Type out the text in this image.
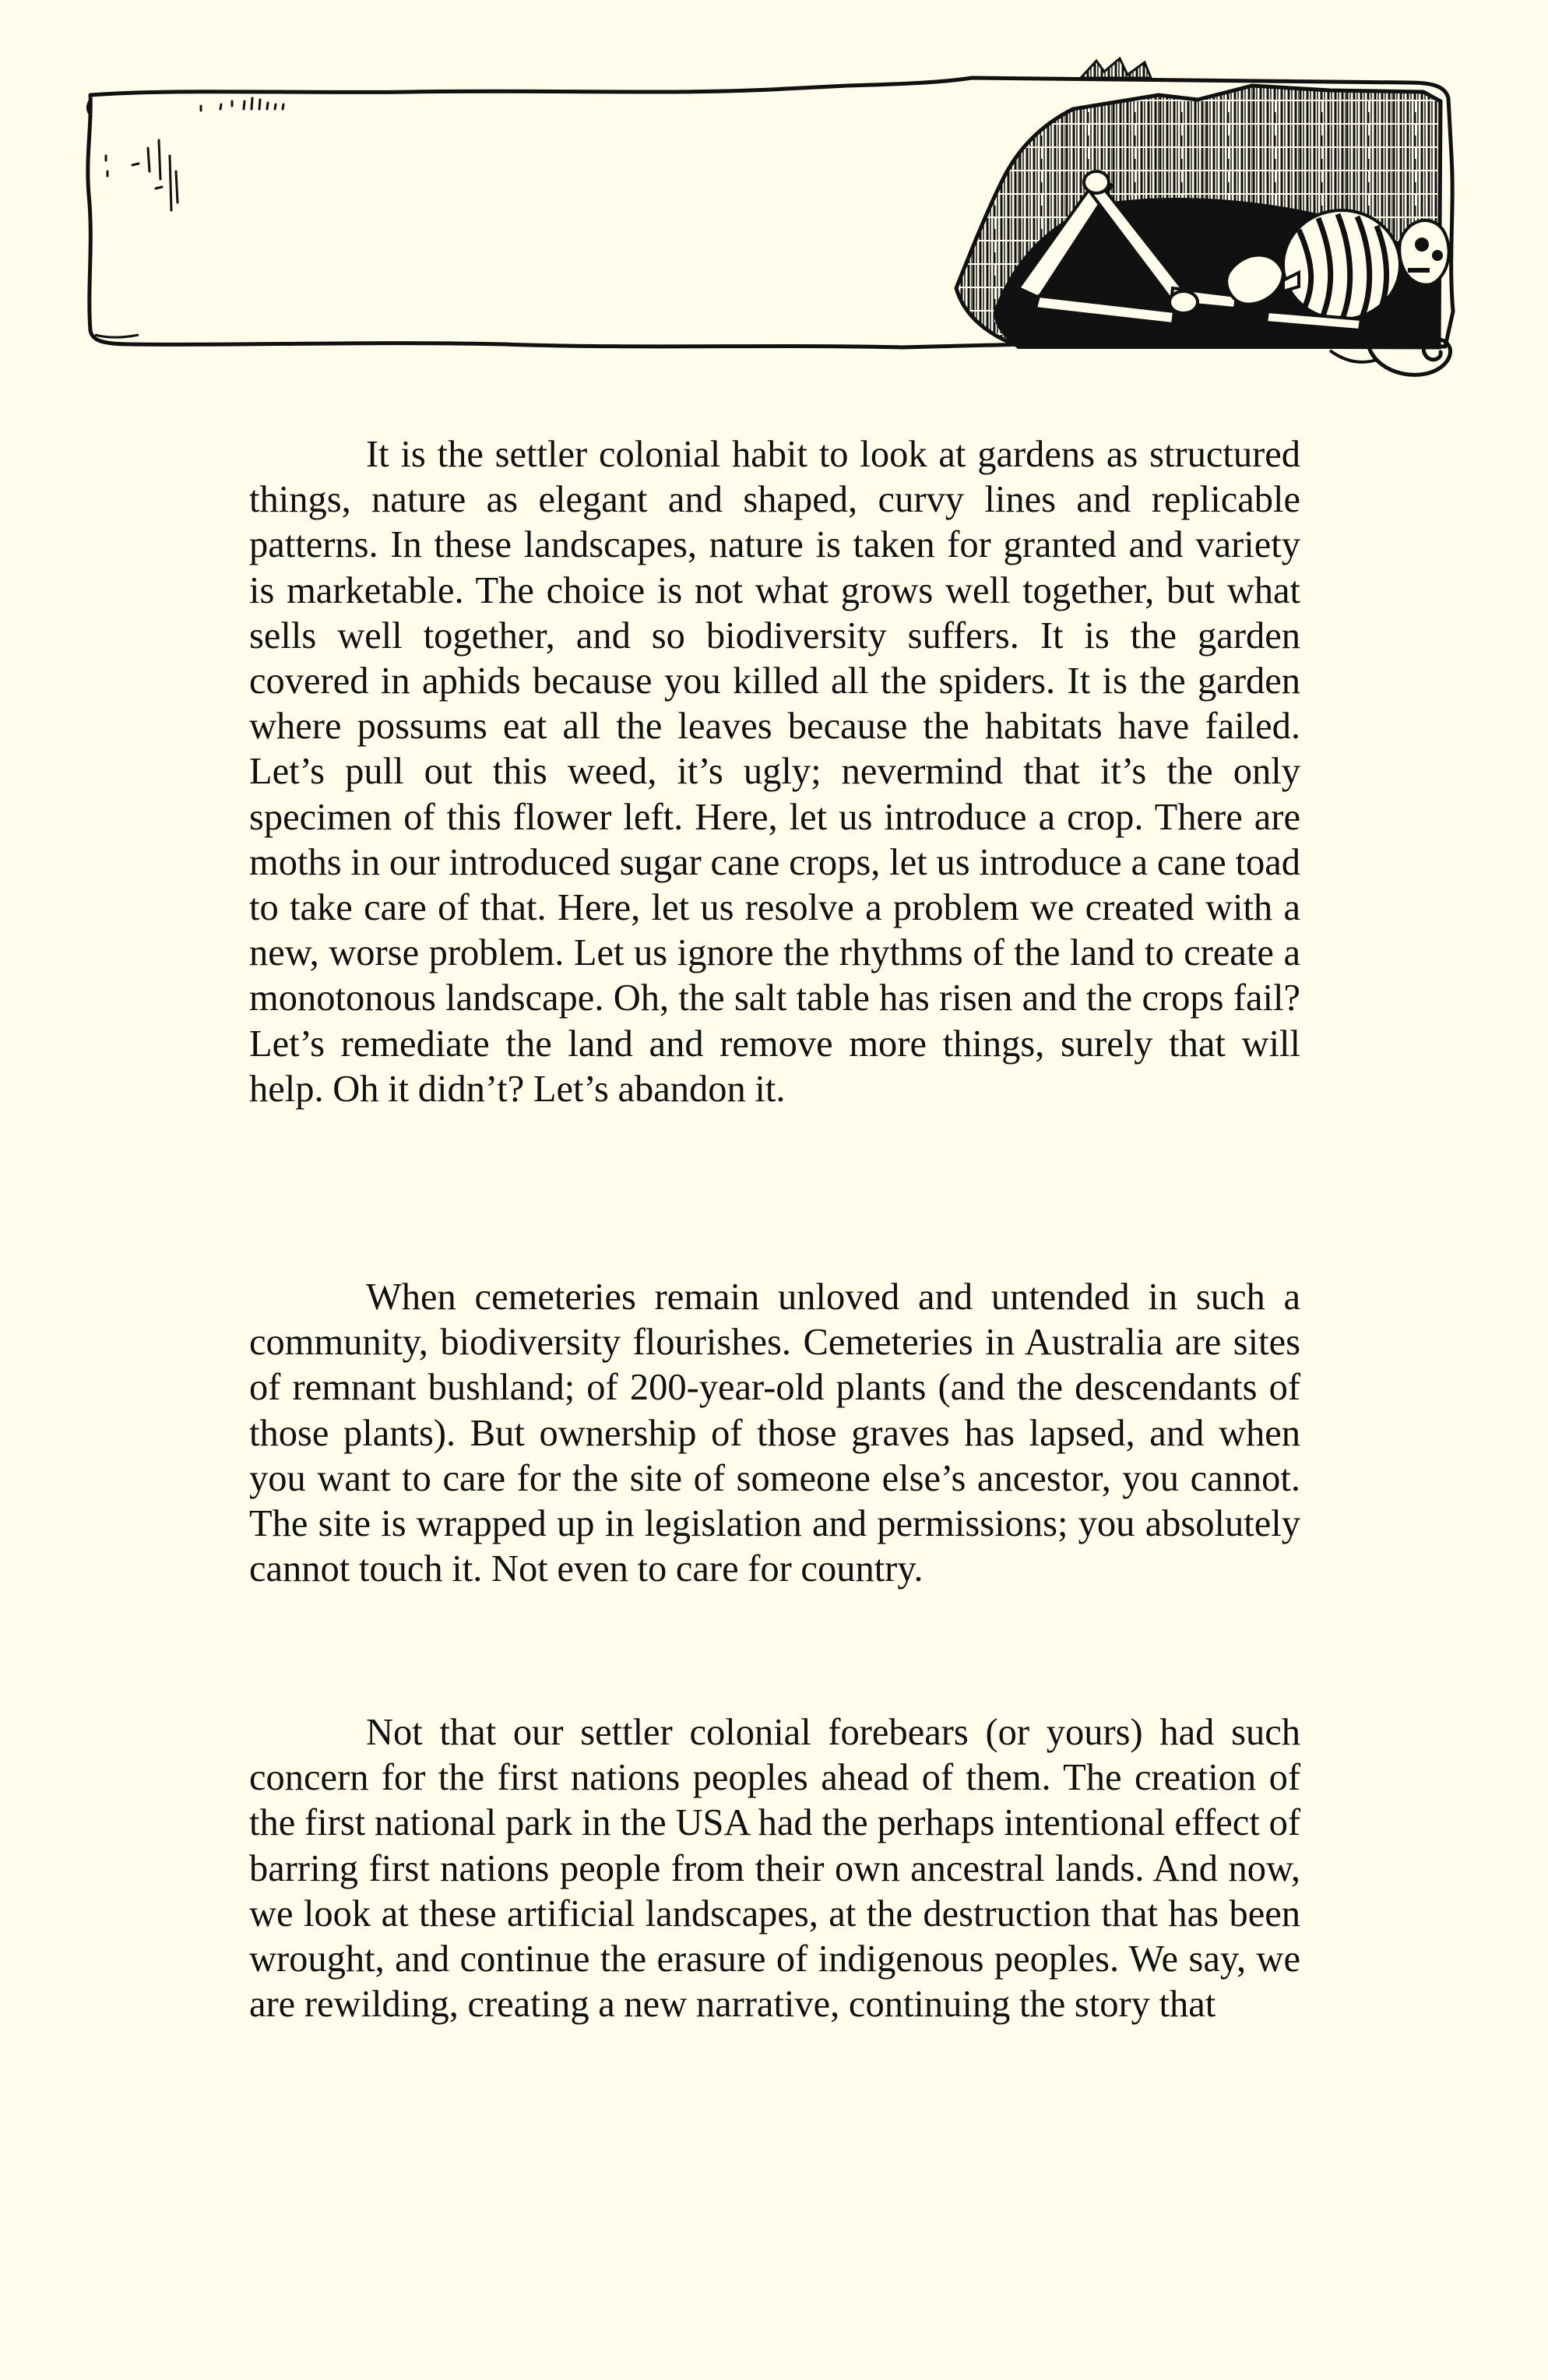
It is the settler colonial habit to look at gardens as structured things, nature as elegant and shaped, curvy lines and replicable patterns. In these landscapes, nature is taken for granted and variety is marketable. The choice is not what grows well together, but what sells well together, and so biodiversity suffers. It is the garden covered in aphids because you killed all the spiders. It is the garden where possums eat all the leaves because the habitats have failed. Let’s pull out this weed, it’s ugly; nevermind that it’s the only specimen of this flower left. Here, let us introduce a crop. There are moths in our introduced sugar cane crops, let us introduce a cane toad to take care of that. Here, let us resolve a problem we created with a new, worse problem. Let us ignore the rhythms of the land to create a monotonous landscape. Oh, the salt table has risen and the crops fail? Let’s remediate the land and remove more things, surely that will help. Oh it didn’t? Let’s abandon it.

When cemeteries remain unloved and untended in such a community, biodiversity flourishes. Cemeteries in Australia are sites of remnant bushland; of 200-year-old plants (and the descendants of those plants). But ownership of those graves has lapsed, and when you want to care for the site of someone else’s ancestor, you cannot. The site is wrapped up in legislation and permissions; you absolutely cannot touch it. Not even to care for country.

Not that our settler colonial forebears (or yours) had such concern for the first nations peoples ahead of them. The creation of the first national park in the USA had the perhaps intentional effect of barring first nations people from their own ancestral lands. And now, we look at these artificial landscapes, at the destruction that has been wrought, and continue the erasure of indigenous peoples. We say, we are rewilding, creating a new narrative, continuing the story that
